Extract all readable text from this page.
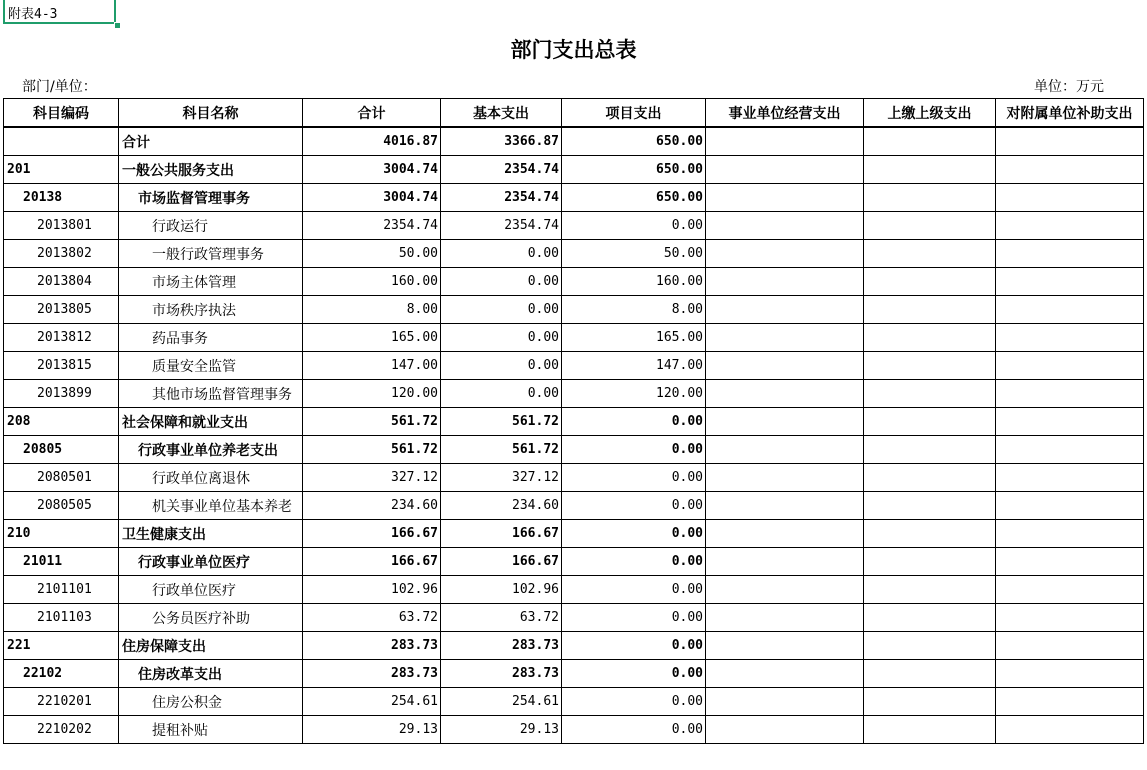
附表4-3
部门支出总表
部门/单位：	单位：万元
科目编码	科目名称	合计	基本支出	项目支出	事业单位经营支出	上缴上级支出	对附属单位补助支出
	合计	4016.87	3366.87	650.00			
201	一般公共服务支出	3004.74	2354.74	650.00			
20138	市场监督管理事务	3004.74	2354.74	650.00			
2013801	行政运行	2354.74	2354.74	0.00			
2013802	一般行政管理事务	50.00	0.00	50.00			
2013804	市场主体管理	160.00	0.00	160.00			
2013805	市场秩序执法	8.00	0.00	8.00			
2013812	药品事务	165.00	0.00	165.00			
2013815	质量安全监管	147.00	0.00	147.00			
2013899	其他市场监督管理事务	120.00	0.00	120.00			
208	社会保障和就业支出	561.72	561.72	0.00			
20805	行政事业单位养老支出	561.72	561.72	0.00			
2080501	行政单位离退休	327.12	327.12	0.00			
2080505	机关事业单位基本养老	234.60	234.60	0.00			
210	卫生健康支出	166.67	166.67	0.00			
21011	行政事业单位医疗	166.67	166.67	0.00			
2101101	行政单位医疗	102.96	102.96	0.00			
2101103	公务员医疗补助	63.72	63.72	0.00			
221	住房保障支出	283.73	283.73	0.00			
22102	住房改革支出	283.73	283.73	0.00			
2210201	住房公积金	254.61	254.61	0.00			
2210202	提租补贴	29.13	29.13	0.00			
